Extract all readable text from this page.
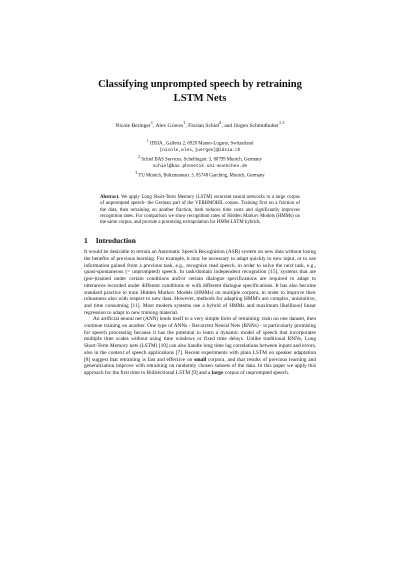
Classifying unprompted speech by retraining
LSTM Nets
Nicole Beringer$^1$, Alex Graves$^1$, Florian Schiel$^2$, and Jürgen Schmidhuber$^{1,3}$
$^1$ IDSIA , Galleria 2, 6928 Manno-Lugano, Switzerland
{nicole,alex,juergen}@idsia.ch
$^2$ Schiel BAS Services, Schellingstr. 3, 80799 Munich, Germany
schiel@bas.phonetik.uni-muenchen.de
$^3$ TU Munich, Boltzmannstr. 3, 85748 Garching, Munich, Germany
Abstract. We apply Long Short-Term Memory (LSTM) recurrent neural networks to a large corpus of unprompted speech- the German part of the VERBMOBIL corpus. Training first on a fraction of the data, then retraining on another fraction, both reduces time costs and significantly improves recognition rates. For comparison we show recognition rates of Hidden Markov Models (HMMs) on the same corpus, and provide a promising extrapolation for HMM-LSTM hybrids.
1 Introduction

It would be desirable to retrain an Automatic Speech Recognition (ASR) system on new data without losing the benefits of previous learning. For example, it may be necessary to adapt quickly to new input, or to use information gained from a previous task, e.g., recognize read speech, in order to solve the next task, e.g., quasi-spontaneous (= unprompted) speech. In task/domain independent recognition [15], systems that are (pre-)trained under certain conditions and/or certain dialogue specifications are required to adapt to utterances recorded under different conditions or with different dialogue specifications. It has also become standard practice to train Hidden Markov Models (HMMs) on multiple corpora, in order to improve their robustness also with respect to new data. However, methods for adapting HMM's are complex, unintuitive, and time consuming [11]. Most modern systems use a hybrid of HMMs and maximum likelihood linear regression to adapt to new training material.

An artificial neural net (ANN) lends itself to a very simple form of retraining: train on one dataset, then continue training on another. One type of ANNs - Recurrent Neural Nets (RNNs) - is particularly promising for speech processing because it has the potential to learn a dynamic model of speech that incorporates multiple time scales without using time windows or fixed time delays. Unlike traditional RNNs, Long Short-Term Memory nets (LSTM) [10] can also handle long time lag correlations between inputs and errors, also in the context of speech applications [7]. Recent experiments with plain LSTM on speaker adaptation [8] suggest that retraining is fast and effective on small corpora, and that results of previous learning and generalization improve with retraining on randomly chosen subsets of the data. In this paper we apply this approach for the first time to Bidirectional LSTM [9] and a large corpus of unprompted speech.
